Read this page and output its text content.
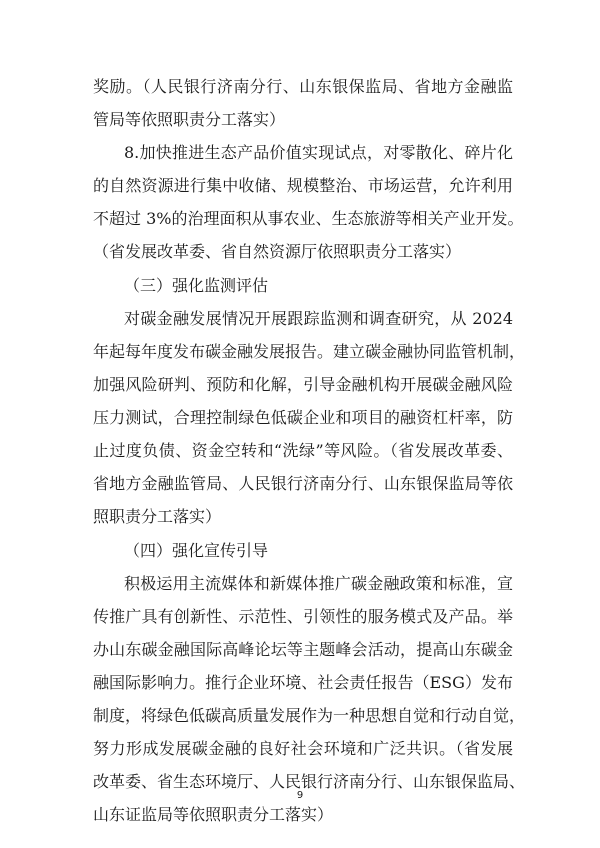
奖励。（人民银行济南分行、山东银保监局、省地方金融监
管局等依照职责分工落实）
8.加快推进生态产品价值实现试点，对零散化、碎片化
的自然资源进行集中收储、规模整治、市场运营，允许利用
不超过 3%的治理面积从事农业、生态旅游等相关产业开发。
（省发展改革委、省自然资源厅依照职责分工落实）
（三）强化监测评估
对碳金融发展情况开展跟踪监测和调查研究，从 2024
年起每年度发布碳金融发展报告。建立碳金融协同监管机制，
加强风险研判、预防和化解，引导金融机构开展碳金融风险
压力测试，合理控制绿色低碳企业和项目的融资杠杆率，防
止过度负债、资金空转和“洗绿”等风险。（省发展改革委、
省地方金融监管局、人民银行济南分行、山东银保监局等依
照职责分工落实）
（四）强化宣传引导
积极运用主流媒体和新媒体推广碳金融政策和标准，宣
传推广具有创新性、示范性、引领性的服务模式及产品。举
办山东碳金融国际高峰论坛等主题峰会活动，提高山东碳金
融国际影响力。推行企业环境、社会责任报告（ESG）发布
制度，将绿色低碳高质量发展作为一种思想自觉和行动自觉，
努力形成发展碳金融的良好社会环境和广泛共识。（省发展
改革委、省生态环境厅、人民银行济南分行、山东银保监局、
山东证监局等依照职责分工落实）
9
